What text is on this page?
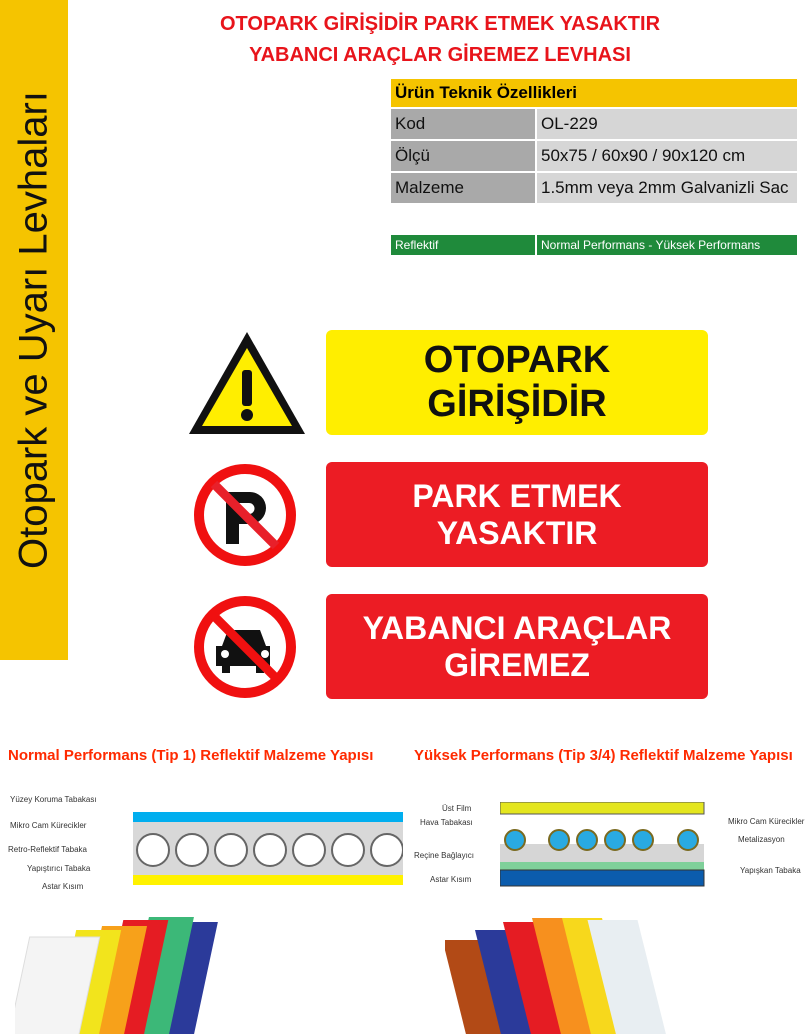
Otopark ve Uyarı Levhaları
OTOPARK GİRİŞİDİR PARK ETMEK YASAKTIR
YABANCI ARAÇLAR GİREMEZ LEVHASI
Ürün Teknik Özellikleri	
Kod	OL-229
Ölçü	50x75 / 60x90 / 90x120 cm
Malzeme	1.5mm veya 2mm Galvanizli Sac
Reflektif	Normal Performans - Yüksek Performans
OTOPARK
GİRİŞİDİR
PARK ETMEK
YASAKTIR
YABANCI ARAÇLAR
GİREMEZ
Normal Performans (Tip 1) Reflektif Malzeme Yapısı	Yüksek Performans (Tip 3/4) Reflektif Malzeme Yapısı
Yüzey Koruma Tabakası
Mikro Cam Kürecikler
Retro-Reflektif Tabaka
Yapıştırıcı Tabaka
Astar Kısım
Üst Film
Hava Tabakası
Reçine Bağlayıcı
Astar Kısım
Mikro Cam Kürecikler
Metalizasyon
Yapışkan Tabaka
